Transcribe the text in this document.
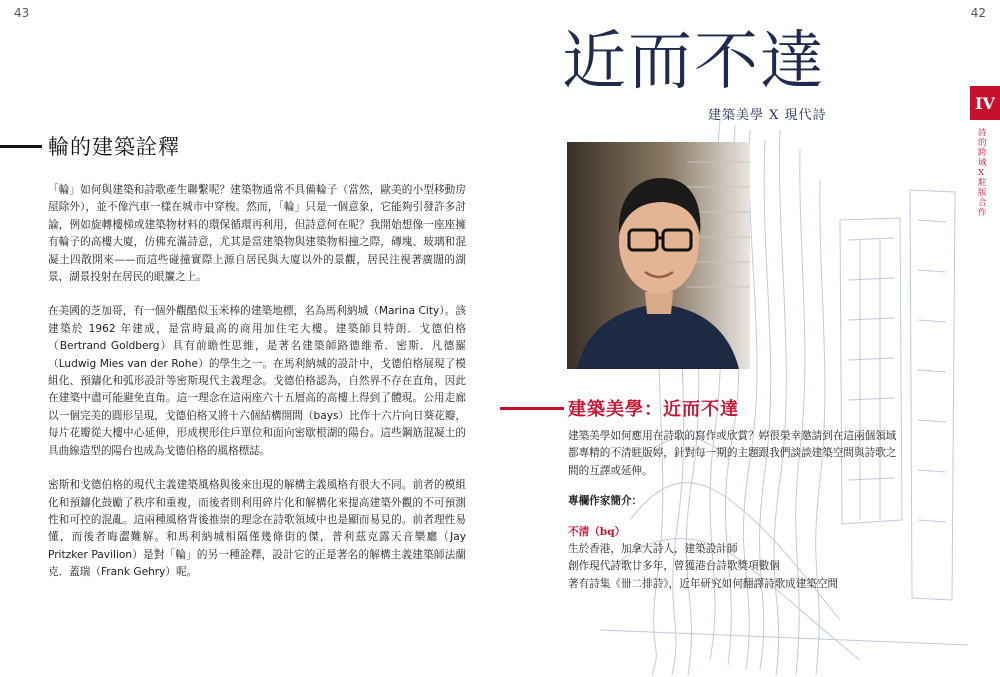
43	42
輪的建築詮釋

「輪」如何與建築和詩歌產生聯繫呢？建築物通常不具備輪子（當然，歐美的小型移動房屋除外），並不像汽車一樣在城市中穿梭。然而，「輪」只是一個意象，它能夠引發許多討論，例如旋轉樓梯或建築物材料的環保循環再利用，但詩意何在呢？我開始想像一座座擁有輪子的高樓大廈，仿佛充滿詩意，尤其是當建築物與建築物相撞之際，磚塊、玻璃和混凝土四散開來——而這些碰撞實際上源自居民與大廈以外的景觀，居民注視著廣闊的湖景，湖景投射在居民的眼簾之上。

在美國的芝加哥，有一個外觀酷似玉米棒的建築地標，名為馬利納城（Marina City）。該建築於 1962 年建成，是當時最高的商用加住宅大樓。建築師貝特朗．戈德伯格（Bertrand Goldberg）具有前瞻性思維，是著名建築師路德維希．密斯．凡德羅（Ludwig Mies van der Rohe）的學生之一。在馬利納城的設計中，戈德伯格展現了模組化、預鑄化和弧形設計等密斯現代主義理念。戈德伯格認為，自然界不存在直角，因此在建築中盡可能避免直角。這一理念在這兩座六十五層高的高樓上得到了體現。公用走廊以一個完美的圓形呈現，戈德伯格又將十六個結構開間（bays）比作十六片向日葵花瓣，每片花瓣從大樓中心延伸，形成楔形住戶單位和面向密歇根湖的陽台。這些鋼筋混凝土的具曲線造型的陽台也成為戈德伯格的風格標誌。

密斯和戈德伯格的現代主義建築風格與後來出現的解構主義風格有很大不同。前者的模組化和預鑄化鼓勵了秩序和重複，而後者則利用碎片化和解構化來提高建築外觀的不可預測性和可控的混亂。這兩種風格背後推崇的理念在詩歌領域中也是顯而易見的。前者理性易懂，而後者晦澀難解。和馬利納城相隔僅幾條街的傑，普利茲克露天音樂廳（Jay Pritzker Pavilion）是對「輪」的另一種詮釋，設計它的正是著名的解構主義建築師法蘭克．蓋瑞（Frank Gehry）呢。

近而不達
建築美學 X 現代詩
IV
詩的跨域 X 駐版合作
建築美學：近而不達

建築美學如何應用在詩歌的寫作或欣賞？婷很榮幸邀請到在這兩個領域都專精的不清駐版婷，針對每一期的主題跟我們談談建築空間與詩歌之間的互譯或延伸。

專欄作家簡介：

不清（bq）

生於香港，加拿大詩人，建築設計師

創作現代詩歌廿多年，曾獲港台詩歌獎項數個

著有詩集《卌二排詩》，近年研究如何翻譯詩歌成建築空間
